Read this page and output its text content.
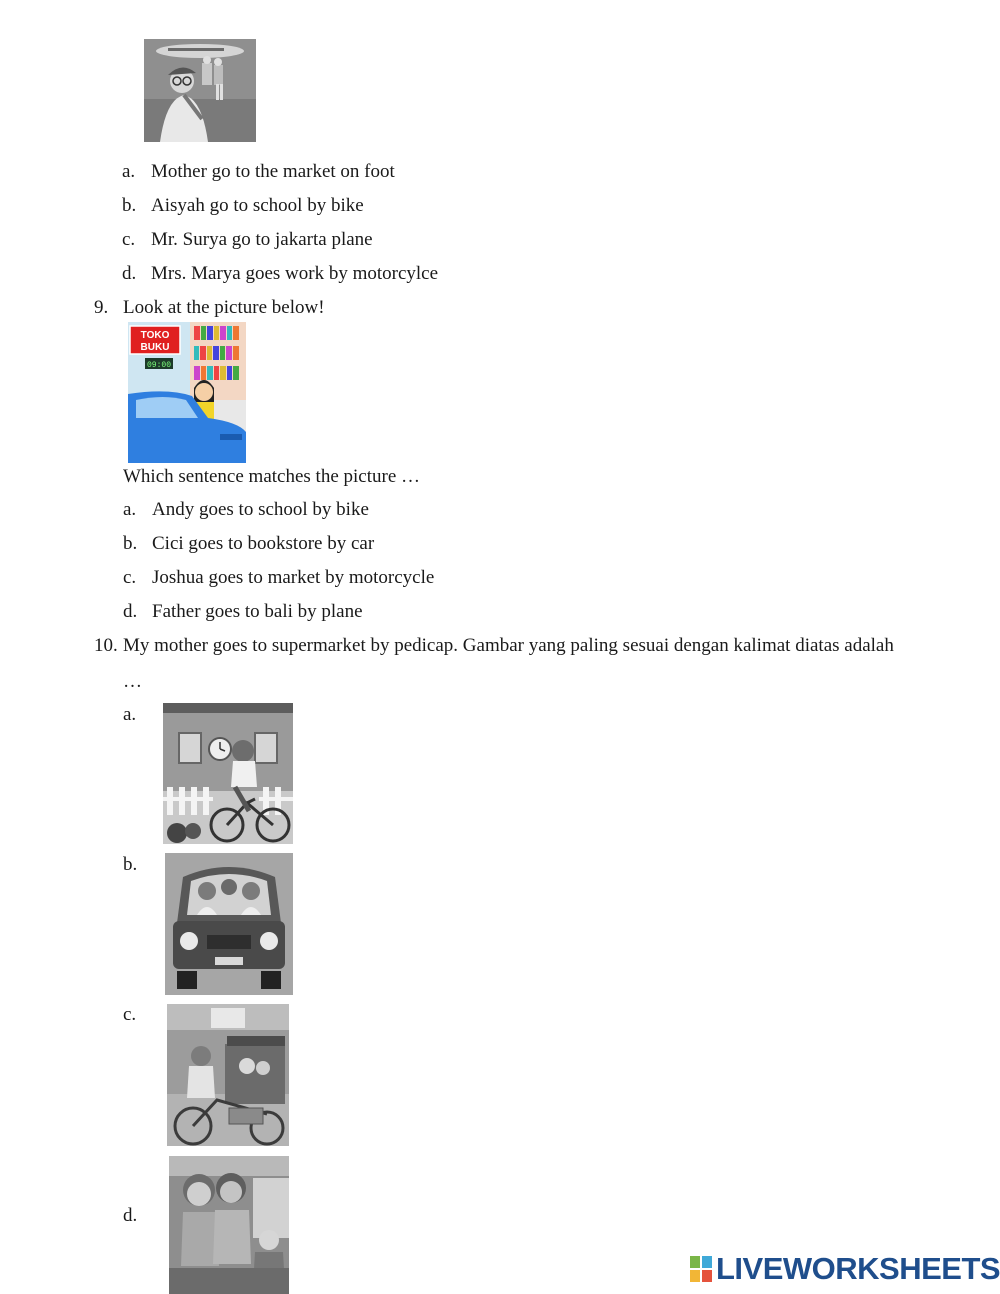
a. Mother go to the market on foot
b. Aisyah go to school by bike
c. Mr. Surya go to jakarta plane
d. Mrs. Marya goes work by motorcylce
9. Look at the picture below!
TOKO
BUKU
09:00
Which sentence matches the picture …
a. Andy goes to school by bike
b. Cici goes to bookstore by car
c. Joshua goes to market by motorcycle
d. Father goes to bali by plane
10. My mother goes to supermarket by pedicap. Gambar yang paling sesuai dengan kalimat diatas adalah
…
a.
b.
c.
d.
LIVEWORKSHEETS
